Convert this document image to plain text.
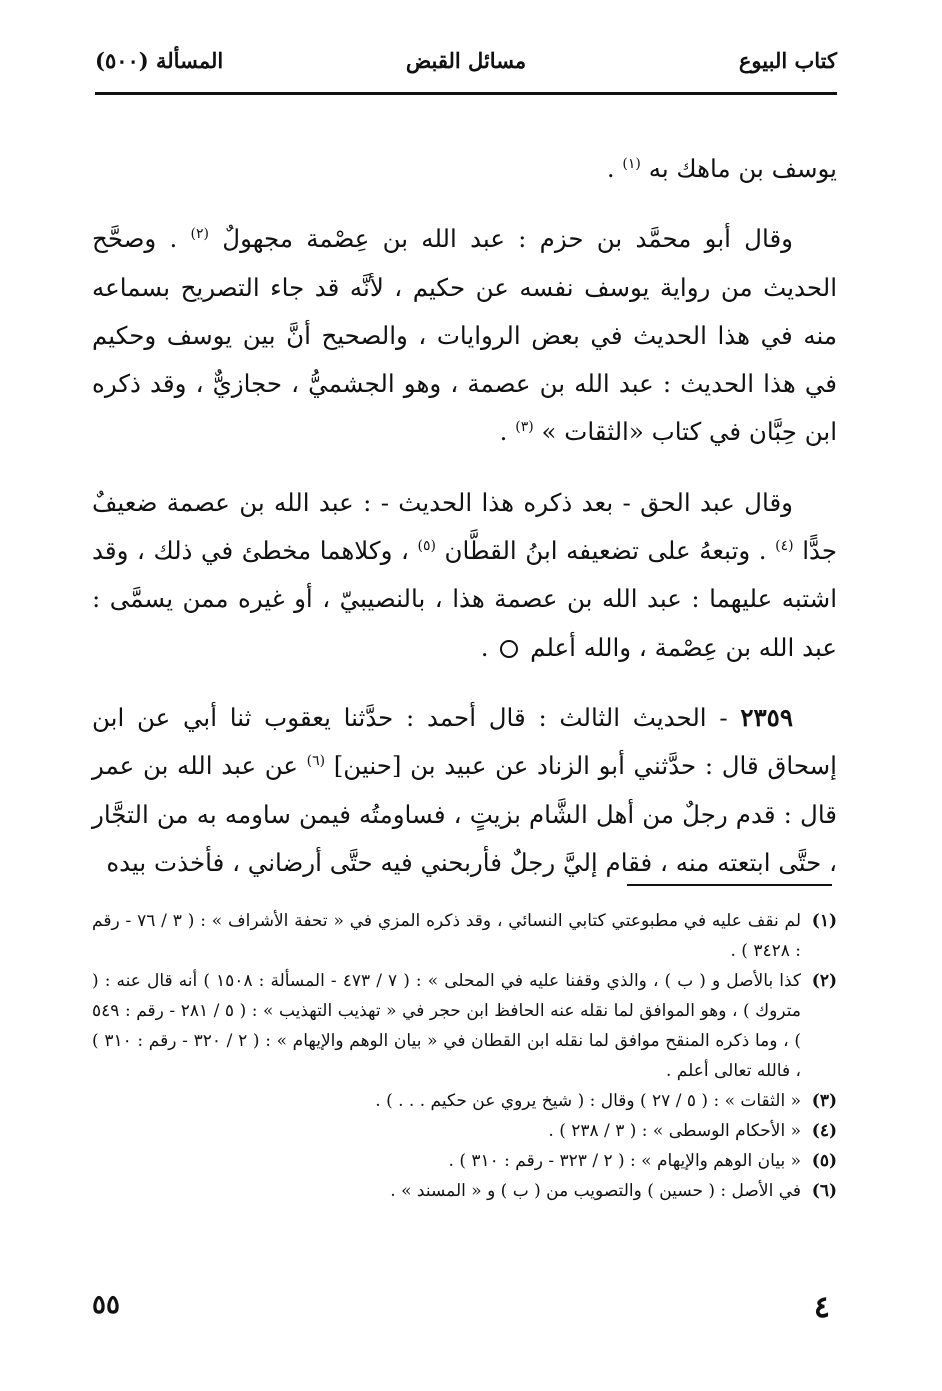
كتاب البيوع
مسائل القبض
المسألة (٥٠٠)

يوسف بن ماهك به $^{(١)}$ .

وقال أبو محمَّد بن حزم : عبد الله بن عِصْمة مجهولٌ $^{(٢)}$ . وصحَّح الحديث من رواية يوسف نفسه عن حكيم ، لأنَّه قد جاء التصريح بسماعه منه في هذا الحديث في بعض الروايات ، والصحيح أنَّ بين يوسف وحكيم في هذا الحديث : عبد الله بن عصمة ، وهو الجشميُّ ، حجازيٌّ ، وقد ذكره ابن حِبَّان في كتاب «الثقات » $^{(٣)}$ .

وقال عبد الحق - بعد ذكره هذا الحديث - : عبد الله بن عصمة ضعيفٌ جدًّا $^{(٤)}$ . وتبعهُ على تضعيفه ابنُ القطَّان $^{(٥)}$ ، وكلاهما مخطئ في ذلك ، وقد اشتبه عليهما : عبد الله بن عصمة هذا ، بالنصيبيّ ، أو غيره ممن يسمَّى : عبد الله بن عِصْمة ، والله أعلم  .

٢٣٥٩ - الحديث الثالث : قال أحمد : حدَّثنا يعقوب ثنا أبي عن ابن إسحاق قال : حدَّثني أبو الزناد عن عبيد بن [حنين] $^{(٦)}$ عن عبد الله بن عمر قال : قدم رجلٌ من أهل الشَّام بزيتٍ ، فساومتُه فيمن ساومه به من التجَّار ، حتَّى ابتعته منه ، فقام إليَّ رجلٌ فأربحني فيه حتَّى أرضاني ، فأخذت بيده

(١)
لم نقف عليه في مطبوعتي كتابي النسائي ، وقد ذكره المزي في « تحفة الأشراف » : ( ٣ / ٧٦ - رقم : ٣٤٢٨ ) .
(٢)
كذا بالأصل و ( ب ) ، والذي وقفنا عليه في المحلى » : ( ٧ / ٤٧٣ - المسألة : ١٥٠٨ ) أنه قال عنه : ( متروك ) ، وهو الموافق لما نقله عنه الحافظ ابن حجر في « تهذيب التهذيب » : ( ٥ / ٢٨١ - رقم : ٥٤٩ ) ، وما ذكره المنقح موافق لما نقله ابن القطان في « بيان الوهم والإيهام » : ( ٢ / ٣٢٠ - رقم : ٣١٠ ) ، فالله تعالى أعلم .
(٣)
« الثقات » : ( ٥ / ٢٧ ) وقال : ( شيخ يروي عن حكيم . . . ) .
(٤)
« الأحكام الوسطى » : ( ٣ / ٢٣٨ ) .
(٥)
« بيان الوهم والإيهام » : ( ٢ / ٣٢٣ - رقم : ٣١٠ ) .
(٦)
في الأصل : ( حسين ) والتصويب من ( ب ) و « المسند » .
٤
٥٥
